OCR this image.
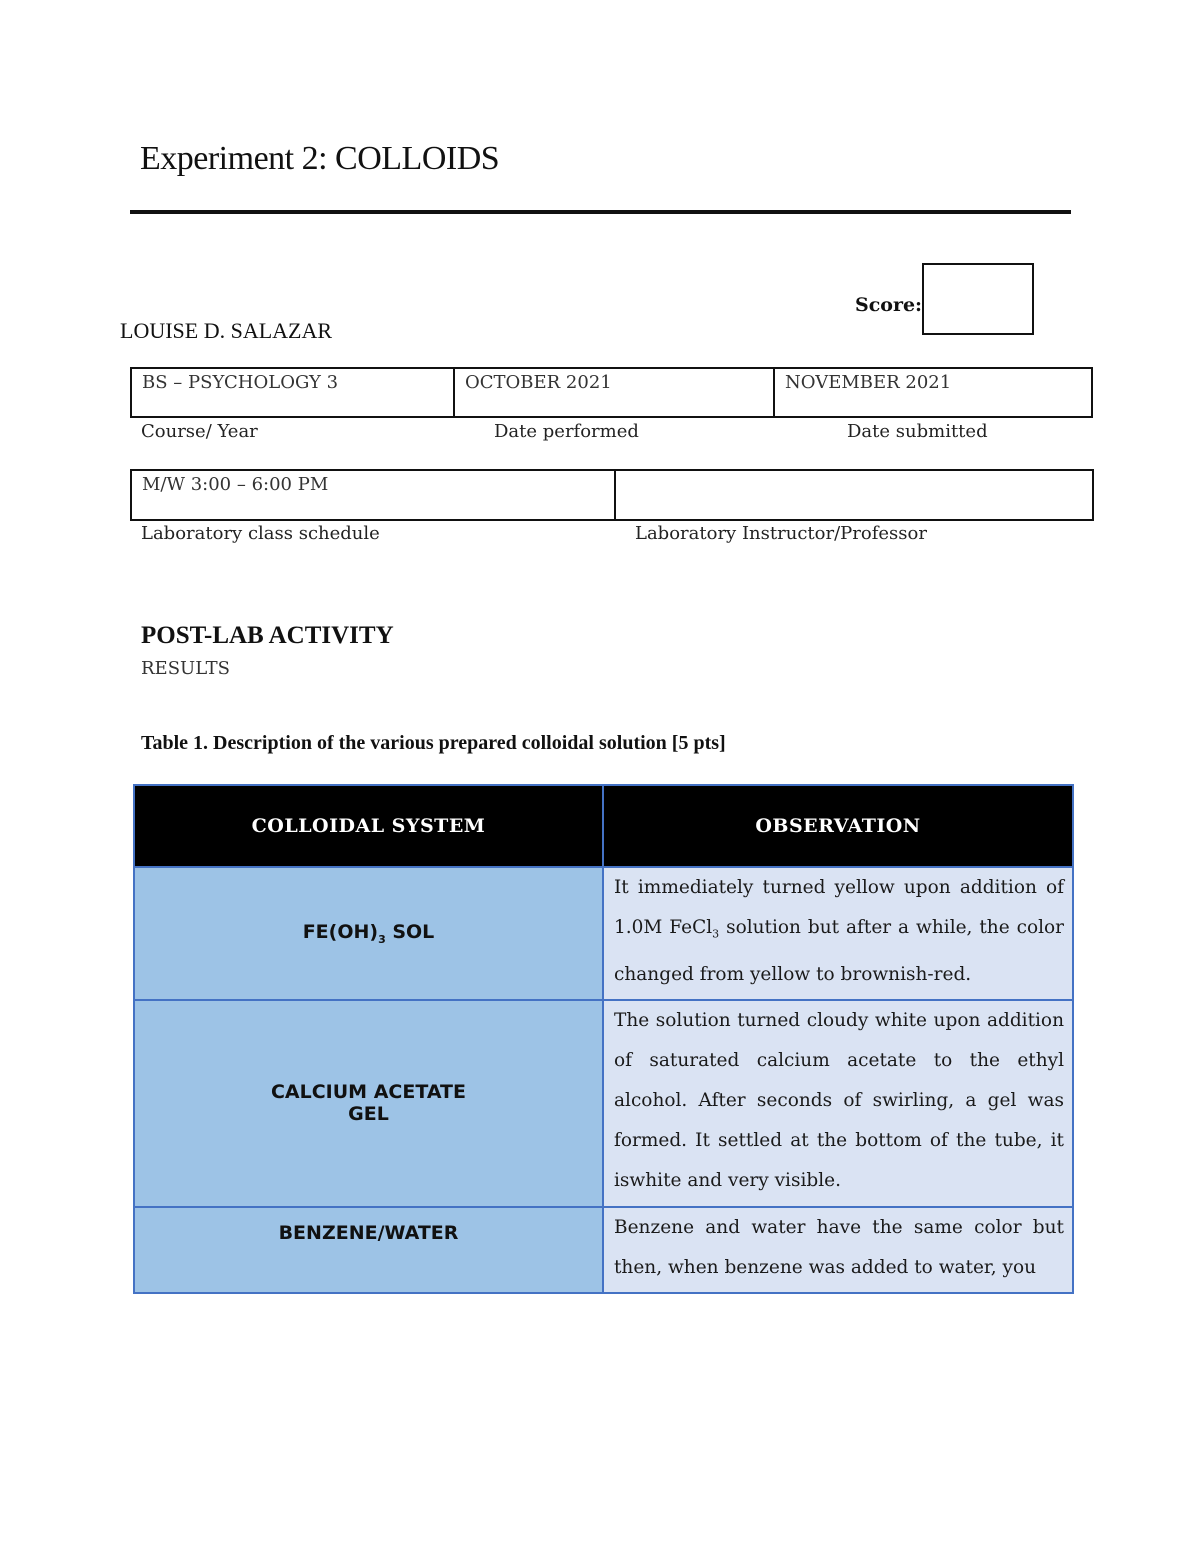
Experiment 2: COLLOIDS
Score:
LOUISE D. SALAZAR
BS – PSYCHOLOGY 3	OCTOBER 2021	NOVEMBER 2021
Course/ Year	Date performed	Date submitted
M/W 3:00 – 6:00 PM
Laboratory class schedule	Laboratory Instructor/Professor
POST-LAB ACTIVITY
RESULTS
Table 1. Description of the various prepared colloidal solution [5 pts]
COLLOIDAL SYSTEM	OBSERVATION
$FE(OH)_3$ SOL	It immediately turned yellow upon addition of 1.0M FeCl$_3$ solution but after a while, the color changed from yellow to brownish-red.

CALCIUM ACETATE
GEL	The solution turned cloudy white upon addition of saturated calcium acetate to the ethyl alcohol. After seconds of swirling, a gel was formed. It settled at the bottom of the tube, it iswhite and very visible.
BENZENE/WATER	Benzene and water have the same color but then, when benzene was added to water, you
